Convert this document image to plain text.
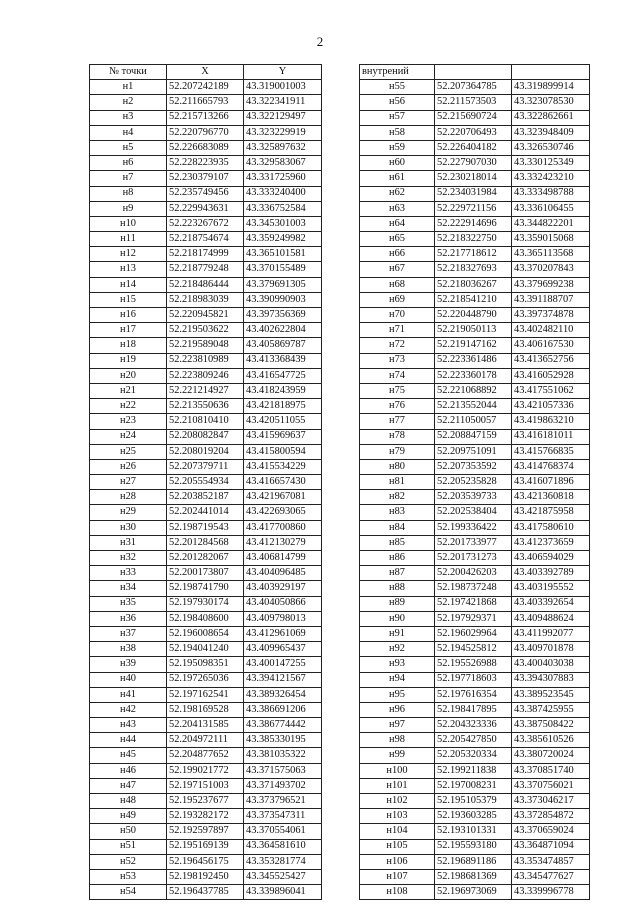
2
№ точки	X	Y
н1	52.207242189	43.319001003
н2	52.211665793	43.322341911
н3	52.215713266	43.322129497
н4	52.220796770	43.323229919
н5	52.226683089	43.325897632
н6	52.228223935	43.329583067
н7	52.230379107	43.331725960
н8	52.235749456	43.333240400
н9	52.229943631	43.336752584
н10	52.223267672	43.345301003
н11	52.218754674	43.359249982
н12	52.218174999	43.365101581
н13	52.218779248	43.370155489
н14	52.218486444	43.379691305
н15	52.218983039	43.390990903
н16	52.220945821	43.397356369
н17	52.219503622	43.402622804
н18	52.219589048	43.405869787
н19	52.223810989	43.413368439
н20	52.223809246	43.416547725
н21	52.221214927	43.418243959
н22	52.213550636	43.421818975
н23	52.210810410	43.420511055
н24	52.208082847	43.415969637
н25	52.208019204	43.415800594
н26	52.207379711	43.415534229
н27	52.205554934	43.416657430
н28	52.203852187	43.421967081
н29	52.202441014	43.422693065
н30	52.198719543	43.417700860
н31	52.201284568	43.412130279
н32	52.201282067	43.406814799
н33	52.200173807	43.404096485
н34	52.198741790	43.403929197
н35	52.197930174	43.404050866
н36	52.198408600	43.409798013
н37	52.196008654	43.412961069
н38	52.194041240	43.409965437
н39	52.195098351	43.400147255
н40	52.197265036	43.394121567
н41	52.197162541	43.389326454
н42	52.198169528	43.386691206
н43	52.204131585	43.386774442
н44	52.204972111	43.385330195
н45	52.204877652	43.381035322
н46	52.199021772	43.371575063
н47	52.197151003	43.371493702
н48	52.195237677	43.373796521
н49	52.193282172	43.373547311
н50	52.192597897	43.370554061
н51	52.195169139	43.364581610
н52	52.196456175	43.353281774
н53	52.198192450	43.345525427
н54	52.196437785	43.339896041
внутрений		
н55	52.207364785	43.319899914
н56	52.211573503	43.323078530
н57	52.215690724	43.322862661
н58	52.220706493	43.323948409
н59	52.226404182	43.326530746
н60	52.227907030	43.330125349
н61	52.230218014	43.332423210
н62	52.234031984	43.333498788
н63	52.229721156	43.336106455
н64	52.222914696	43.344822201
н65	52.218322750	43.359015068
н66	52.217718612	43.365113568
н67	52.218327693	43.370207843
н68	52.218036267	43.379699238
н69	52.218541210	43.391188707
н70	52.220448790	43.397374878
н71	52.219050113	43.402482110
н72	52.219147162	43.406167530
н73	52.223361486	43.413652756
н74	52.223360178	43.416052928
н75	52.221068892	43.417551062
н76	52.213552044	43.421057336
н77	52.211050057	43.419863210
н78	52.208847159	43.416181011
н79	52.209751091	43.415766835
н80	52.207353592	43.414768374
н81	52.205235828	43.416071896
н82	52.203539733	43.421360818
н83	52.202538404	43.421875958
н84	52.199336422	43.417580610
н85	52.201733977	43.412373659
н86	52.201731273	43.406594029
н87	52.200426203	43.403392789
н88	52.198737248	43.403195552
н89	52.197421868	43.403392654
н90	52.197929371	43.409488624
н91	52.196029964	43.411992077
н92	52.194525812	43.409701878
н93	52.195526988	43.400403038
н94	52.197718603	43.394307883
н95	52.197616354	43.389523545
н96	52.198417895	43.387425955
н97	52.204323336	43.387508422
н98	52.205427850	43.385610526
н99	52.205320334	43.380720024
н100	52.199211838	43.370851740
н101	52.197008231	43.370756021
н102	52.195105379	43.373046217
н103	52.193603285	43.372854872
н104	52.193101331	43.370659024
н105	52.195593180	43.364871094
н106	52.196891186	43.353474857
н107	52.198681369	43.345477627
н108	52.196973069	43.339996778
